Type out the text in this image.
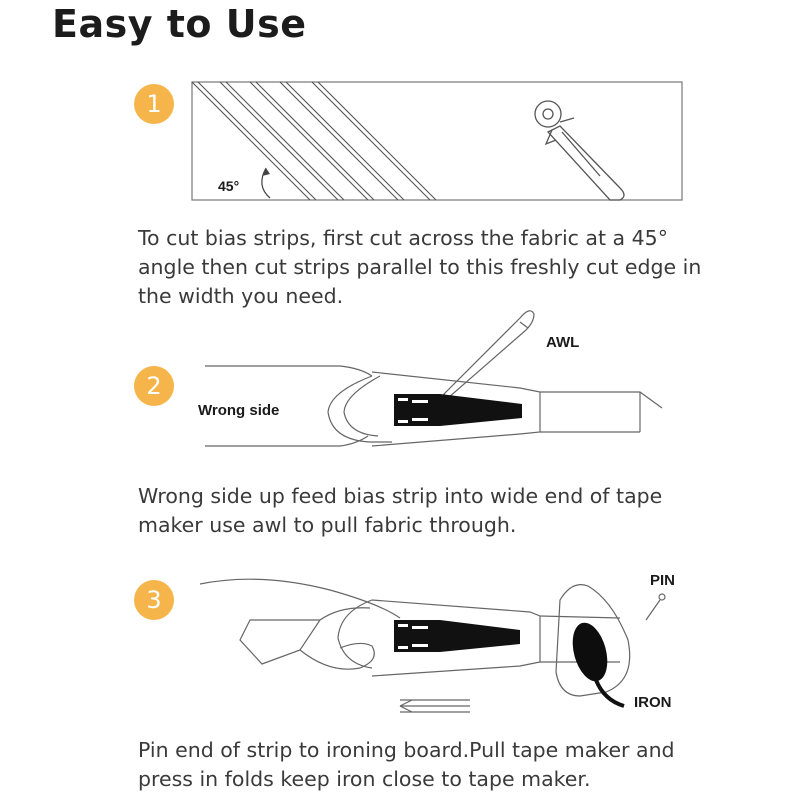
Easy to Use
1
45°
To cut bias strips, first cut across the fabric at a 45°
angle then cut strips parallel to this freshly cut edge in
the width you need.
2
AWL
Wrong side
Wrong side up feed bias strip into wide end of tape
maker use awl to pull fabric through.
3
PIN
IRON
Pin end of strip to ironing board.Pull tape maker and
press in folds keep iron close to tape maker.
